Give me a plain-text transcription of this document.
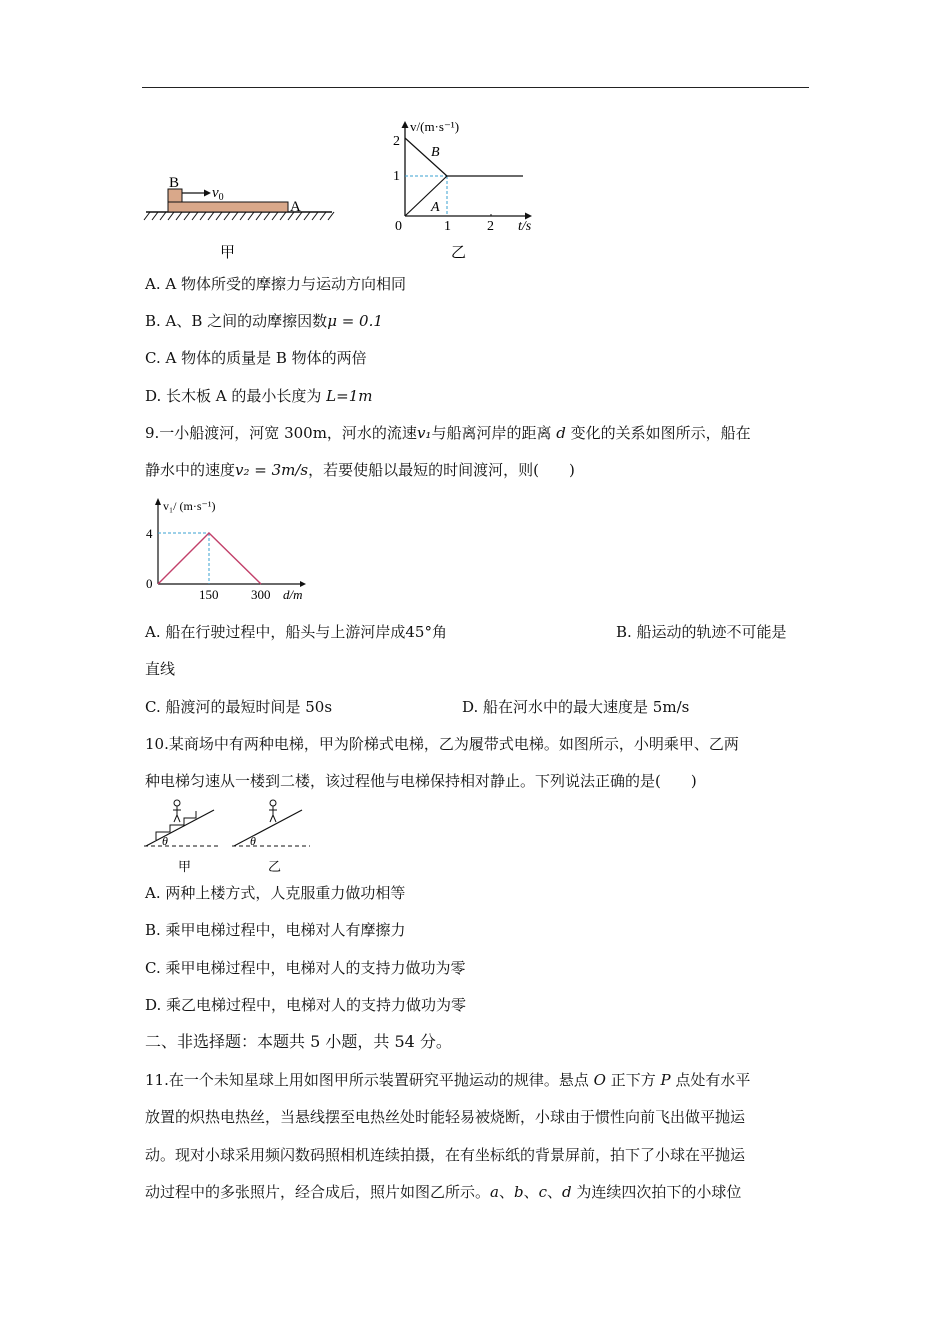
B
$v_0$
A
甲
v/(m·s⁻¹)
t/s
2
1
0	1	2
B
A
乙
A. A 物体所受的摩擦力与运动方向相同
B. A、B 之间的动摩擦因数μ = 0.1
C. A 物体的质量是 B 物体的两倍
D. 长木板 A 的最小长度为 L=1m
9.一小船渡河，河宽 300m，河水的流速v₁与船离河岸的距离 d 变化的关系如图所示，船在
静水中的速度v₂ = 3m/s，若要使船以最短的时间渡河，则(　　)
v₁/ (m·s⁻¹)
d/m
4
0
150	300
A. 船在行驶过程中，船头与上游河岸成45°角	B. 船运动的轨迹不可能是
直线
C. 船渡河的最短时间是 50s	D. 船在河水中的最大速度是 5m/s
10.某商场中有两种电梯，甲为阶梯式电梯，乙为履带式电梯。如图所示，小明乘甲、乙两
种电梯匀速从一楼到二楼，该过程他与电梯保持相对静止。下列说法正确的是(　　)
θ
甲
θ
乙
A. 两种上楼方式，人克服重力做功相等
B. 乘甲电梯过程中，电梯对人有摩擦力
C. 乘甲电梯过程中，电梯对人的支持力做功为零
D. 乘乙电梯过程中，电梯对人的支持力做功为零
二、非选择题：本题共 5 小题，共 54 分。
11.在一个未知星球上用如图甲所示装置研究平抛运动的规律。悬点 O 正下方 P 点处有水平
放置的炽热电热丝，当悬线摆至电热丝处时能轻易被烧断，小球由于惯性向前飞出做平抛运
动。现对小球采用频闪数码照相机连续拍摄，在有坐标纸的背景屏前，拍下了小球在平抛运
动过程中的多张照片，经合成后，照片如图乙所示。a、b、c、d 为连续四次拍下的小球位
